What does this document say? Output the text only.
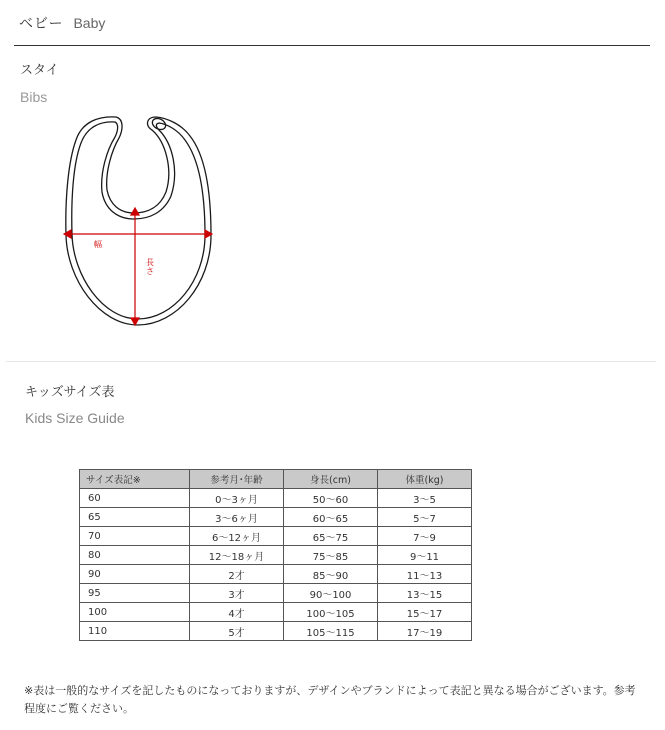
ベビー Baby
スタイ
Bibs
幅
長 さ
キッズサイズ表
Kids Size Guide
サイズ表記※	参考月･年齢	身長(cm)	体重(kg)
60	0～3ヶ月	50～60	3～5
65	3～6ヶ月	60～65	5～7
70	6～12ヶ月	65～75	7～9
80	12～18ヶ月	75～85	9～11
90	2才	85～90	11～13
95	3才	90～100	13～15
100	4才	100～105	15～17
110	5才	105～115	17～19
※表は一般的なサイズを記したものになっておりますが、デザインやブランドによって表記と異なる場合がございます。参考程度にご覧ください。
